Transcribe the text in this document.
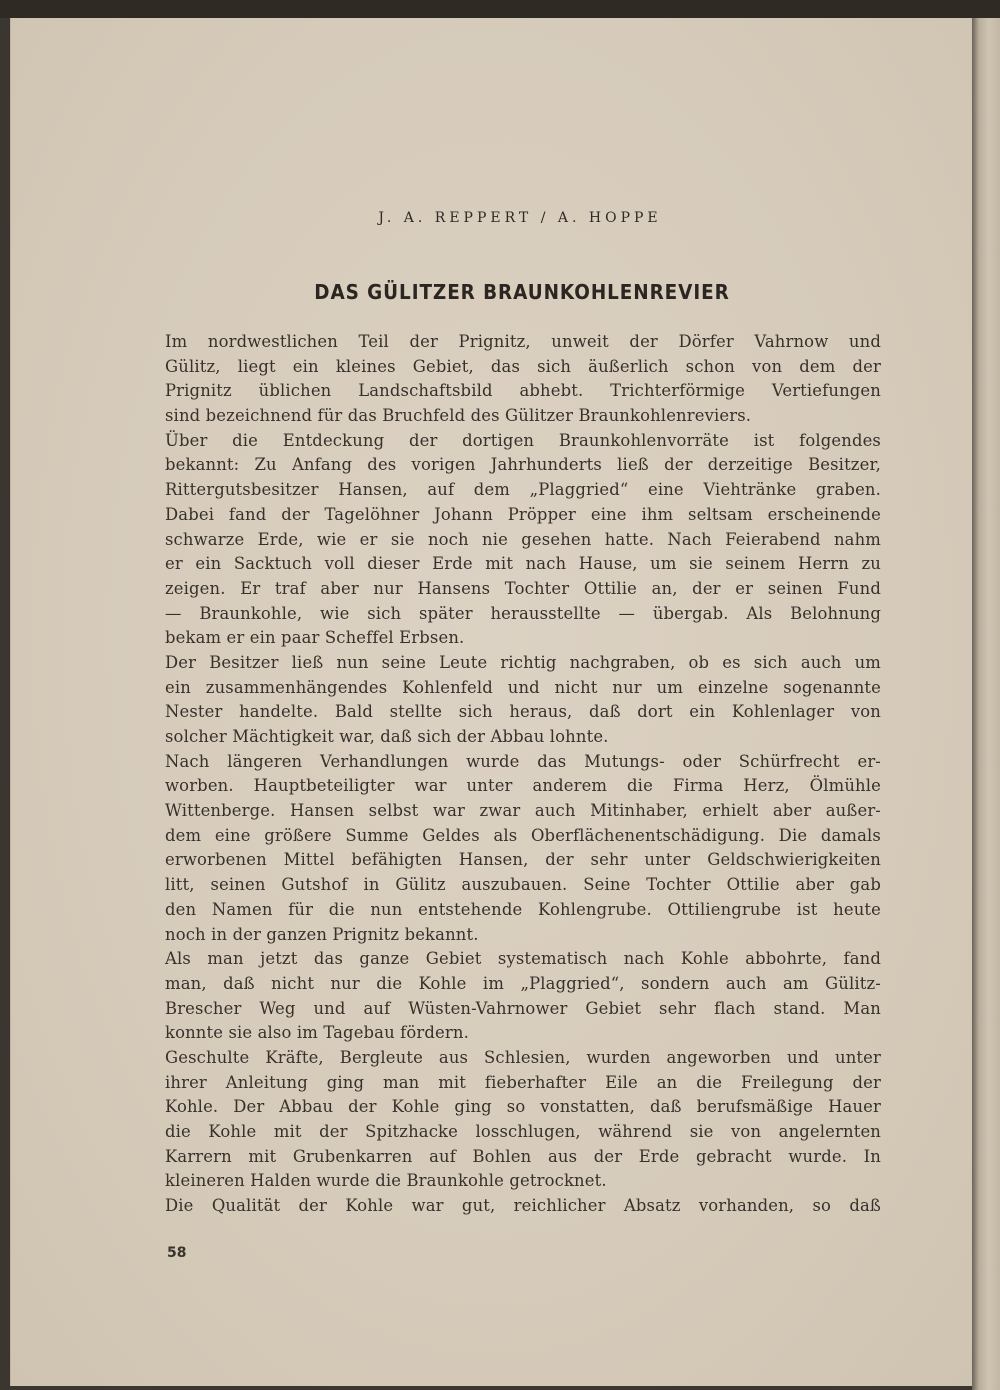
J. A. REPPERT / A. HOPPE
DAS GÜLITZER BRAUNKOHLENREVIER
Im nordwestlichen Teil der Prignitz, unweit der Dörfer Vahrnow und
Gülitz, liegt ein kleines Gebiet, das sich äußerlich schon von dem der
Prignitz üblichen Landschaftsbild abhebt. Trichterförmige Vertiefungen
sind bezeichnend für das Bruchfeld des Gülitzer Braunkohlenreviers.
Über die Entdeckung der dortigen Braunkohlenvorräte ist folgendes
bekannt: Zu Anfang des vorigen Jahrhunderts ließ der derzeitige Besitzer,
Rittergutsbesitzer Hansen, auf dem „Plaggried“ eine Viehtränke graben.
Dabei fand der Tagelöhner Johann Pröpper eine ihm seltsam erscheinende
schwarze Erde, wie er sie noch nie gesehen hatte. Nach Feierabend nahm
er ein Sacktuch voll dieser Erde mit nach Hause, um sie seinem Herrn zu
zeigen. Er traf aber nur Hansens Tochter Ottilie an, der er seinen Fund
— Braunkohle, wie sich später herausstellte — übergab. Als Belohnung
bekam er ein paar Scheffel Erbsen.
Der Besitzer ließ nun seine Leute richtig nachgraben, ob es sich auch um
ein zusammenhängendes Kohlenfeld und nicht nur um einzelne sogenannte
Nester handelte. Bald stellte sich heraus, daß dort ein Kohlenlager von
solcher Mächtigkeit war, daß sich der Abbau lohnte.
Nach längeren Verhandlungen wurde das Mutungs- oder Schürfrecht er-
worben. Hauptbeteiligter war unter anderem die Firma Herz, Ölmühle
Wittenberge. Hansen selbst war zwar auch Mitinhaber, erhielt aber außer-
dem eine größere Summe Geldes als Oberflächenentschädigung. Die damals
erworbenen Mittel befähigten Hansen, der sehr unter Geldschwierigkeiten
litt, seinen Gutshof in Gülitz auszubauen. Seine Tochter Ottilie aber gab
den Namen für die nun entstehende Kohlengrube. Ottiliengrube ist heute
noch in der ganzen Prignitz bekannt.
Als man jetzt das ganze Gebiet systematisch nach Kohle abbohrte, fand
man, daß nicht nur die Kohle im „Plaggried“, sondern auch am Gülitz-
Brescher Weg und auf Wüsten-Vahrnower Gebiet sehr flach stand. Man
konnte sie also im Tagebau fördern.
Geschulte Kräfte, Bergleute aus Schlesien, wurden angeworben und unter
ihrer Anleitung ging man mit fieberhafter Eile an die Freilegung der
Kohle. Der Abbau der Kohle ging so vonstatten, daß berufsmäßige Hauer
die Kohle mit der Spitzhacke losschlugen, während sie von angelernten
Karrern mit Grubenkarren auf Bohlen aus der Erde gebracht wurde. In
kleineren Halden wurde die Braunkohle getrocknet.
Die Qualität der Kohle war gut, reichlicher Absatz vorhanden, so daß
58
